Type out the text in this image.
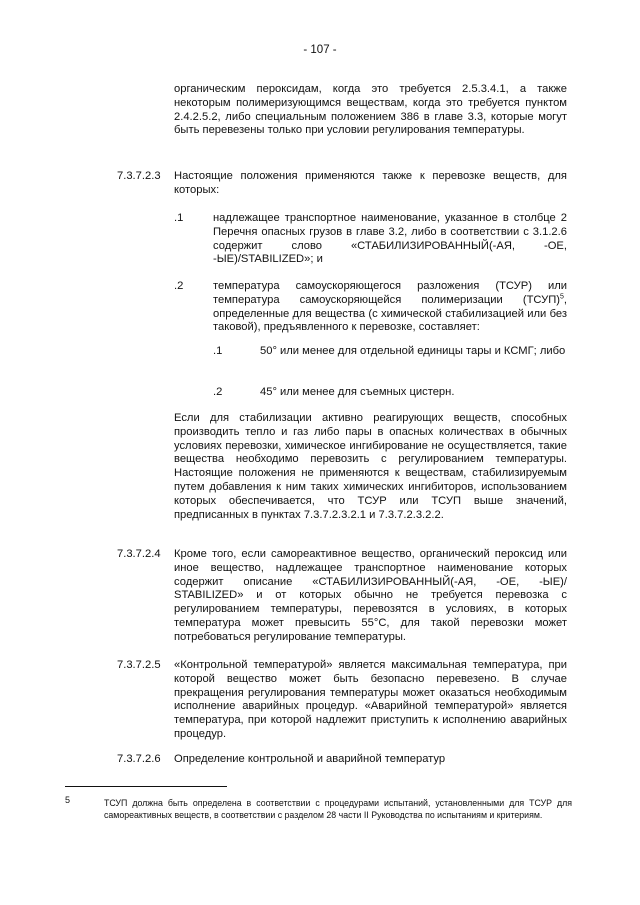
- 107 -
органическим пероксидам, когда это требуется 2.5.3.4.1, а также некоторым полимеризующимся веществам, когда это требуется пунктом 2.4.2.5.2, либо специальным положением 386 в главе 3.3, которые могут быть перевезены только при условии регулирования температуры.
7.3.7.2.3 Настоящие положения применяются также к перевозке веществ, для которых:
.1	надлежащее транспортное наименование, указанное в столбце 2 Перечня опасных грузов в главе 3.2, либо в соответствии с 3.1.2.6 содержит слово «СТАБИЛИЗИРОВАННЫЙ(-АЯ, -ОЕ, -ЫЕ)/STABILIZED»; и
.2	температура самоускоряющегося разложения (ТСУР) или температура самоускоряющейся полимеризации (ТСУП)$^5$, определенные для вещества (с химической стабилизацией или без таковой), предъявленного к перевозке, составляет:
.1	50° или менее для отдельной единицы тары и КСМГ; либо
.2	45° или менее для съемных цистерн.
Если для стабилизации активно реагирующих веществ, способных производить тепло и газ либо пары в опасных количествах в обычных условиях перевозки, химическое ингибирование не осуществляется, такие вещества необходимо перевозить с регулированием температуры. Настоящие положения не применяются к веществам, стабилизируемым путем добавления к ним таких химических ингибиторов, использованием которых обеспечивается, что ТСУР или ТСУП выше значений, предписанных в пунктах 7.3.7.2.3.2.1 и 7.3.7.2.3.2.2.
7.3.7.2.4 Кроме того, если самореактивное вещество, органический пероксид или иное вещество, надлежащее транспортное наименование которых содержит описание «СТАБИЛИЗИРОВАННЫЙ(-АЯ, -ОЕ, -ЫЕ)/ STABILIZED» и от которых обычно не требуется перевозка с регулированием температуры, перевозятся в условиях, в которых температура может превысить 55°C, для такой перевозки может потребоваться регулирование температуры.
7.3.7.2.5 «Контрольной температурой» является максимальная температура, при которой вещество может быть безопасно перевезено. В случае прекращения регулирования температуры может оказаться необходимым исполнение аварийных процедур. «Аварийной температурой» является температура, при которой надлежит приступить к исполнению аварийных процедур.
7.3.7.2.6 Определение контрольной и аварийной температур
5	ТСУП должна быть определена в соответствии с процедурами испытаний, установленными для ТСУР для самореактивных веществ, в соответствии с разделом 28 части II Руководства по испытаниям и критериям.
